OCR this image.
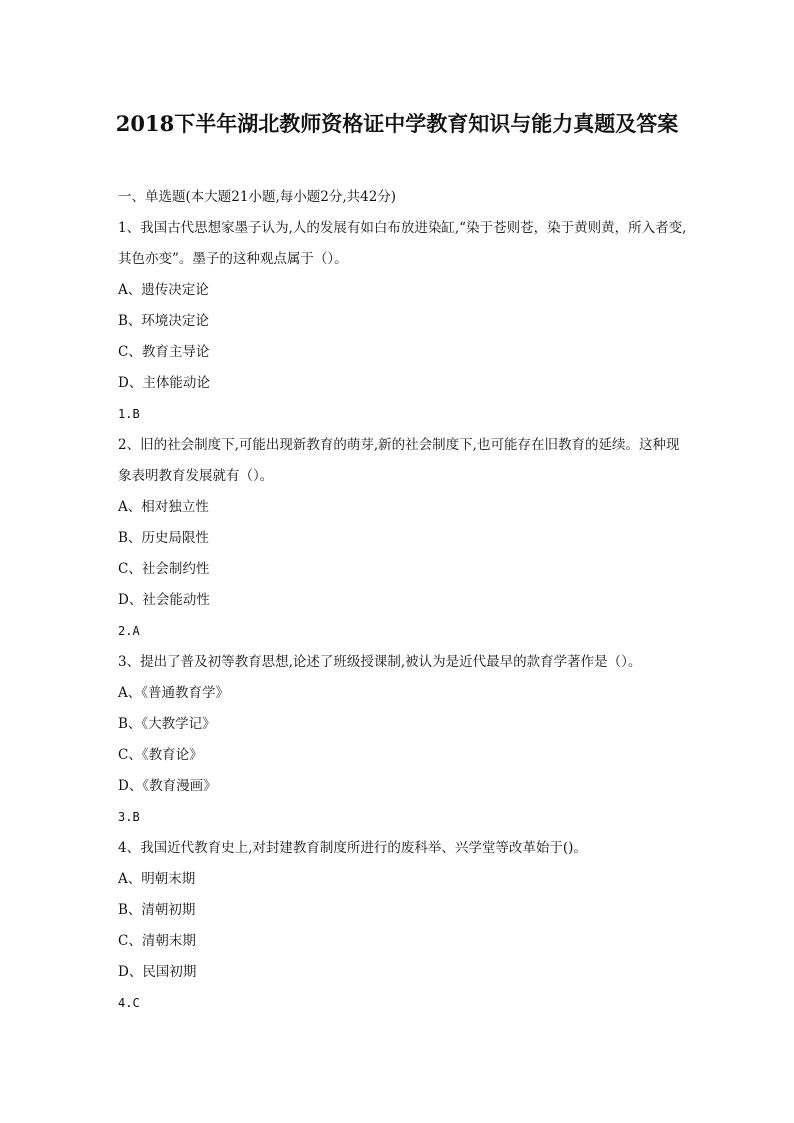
2018下半年湖北教师资格证中学教育知识与能力真题及答案
一、单选题(本大题21小题,每小题2分,共42分)
1、我国古代思想家墨子认为,人的发展有如白布放进染缸,“染于苍则苍，染于黄则黄，所入者变,其色亦变”。墨子的这种观点属于（）。
A、遗传决定论
B、环境决定论
C、教育主导论
D、主体能动论
1.B
2、旧的社会制度下,可能出现新教育的萌芽,新的社会制度下,也可能存在旧教育的延续。这种现象表明教育发展就有（）。
A、相对独立性
B、历史局限性
C、社会制约性
D、社会能动性
2.A
3、提出了普及初等教育思想,论述了班级授课制,被认为是近代最早的款育学著作是（）。
A、《普通教育学》
B、《大教学记》
C、《教育论》
D、《教育漫画》
3.B
4、我国近代教育史上,对封建教育制度所进行的废科举、兴学堂等改革始于()。
A、明朝末期
B、清朝初期
C、清朝末期
D、民国初期
4.C
